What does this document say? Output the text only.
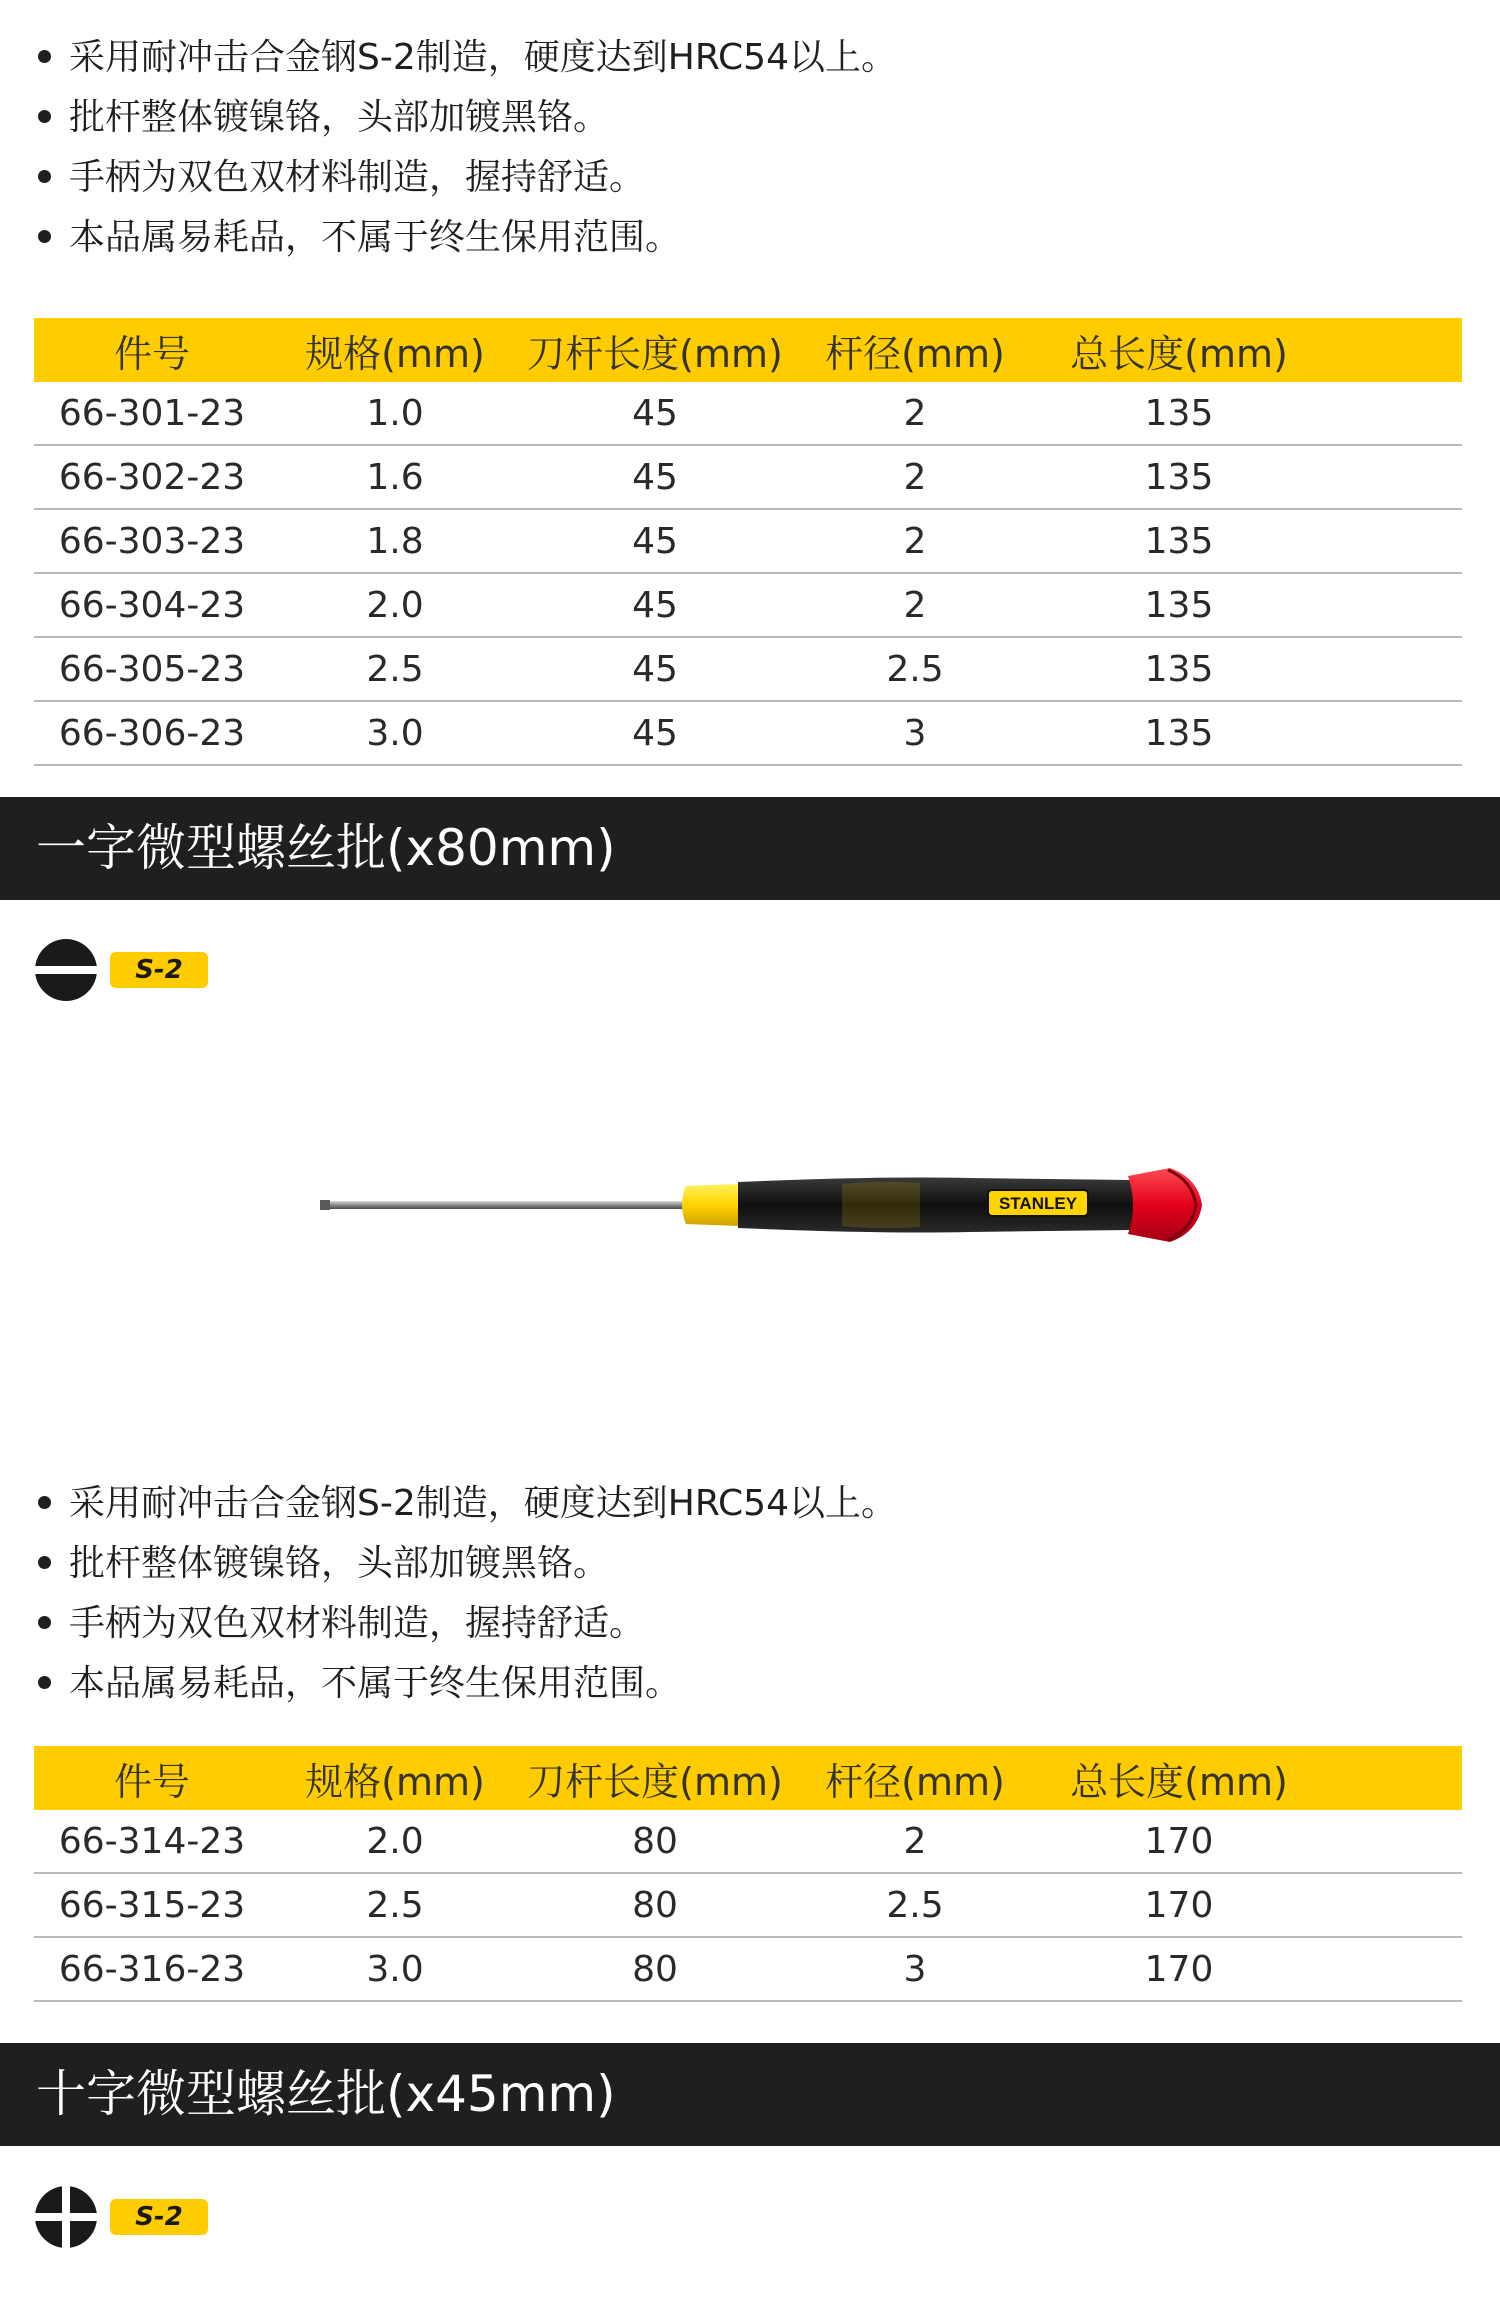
采用耐冲击合金钢S-2制造，硬度达到HRC54以上。
批杆整体镀镍铬，头部加镀黑铬。
手柄为双色双材料制造，握持舒适。
本品属易耗品，不属于终生保用范围。
件号	规格(mm)	刀杆长度(mm)	杆径(mm)	总长度(mm)
66-301-23	1.0	45	2	135
66-302-23	1.6	45	2	135
66-303-23	1.8	45	2	135
66-304-23	2.0	45	2	135
66-305-23	2.5	45	2.5	135
66-306-23	3.0	45	3	135
一字微型螺丝批(x80mm)
S-2
STANLEY
采用耐冲击合金钢S-2制造，硬度达到HRC54以上。
批杆整体镀镍铬，头部加镀黑铬。
手柄为双色双材料制造，握持舒适。
本品属易耗品，不属于终生保用范围。
件号	规格(mm)	刀杆长度(mm)	杆径(mm)	总长度(mm)
66-314-23	2.0	80	2	170
66-315-23	2.5	80	2.5	170
66-316-23	3.0	80	3	170
十字微型螺丝批(x45mm)
S-2
